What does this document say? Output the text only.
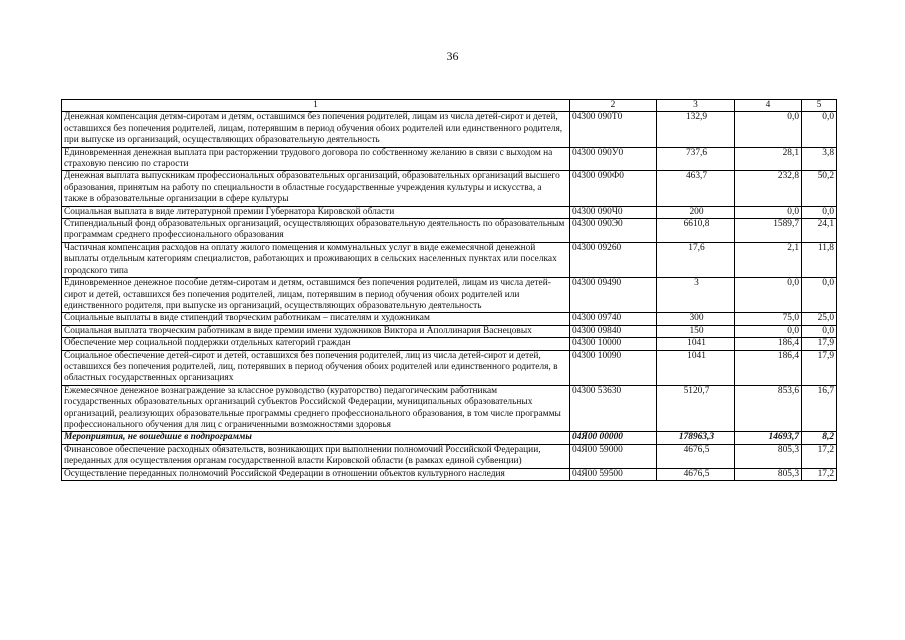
36
1	2	3	4	5
Денежная компенсация детям-сиротам и детям, оставшимся без попечения родителей, лицам из числа детей-сирот и детей, оставшихся без попечения родителей, лицам, потерявшим в период обучения обоих родителей или единственного родителя, при выпуске из организаций, осуществляющих образовательную деятельность	04300 090Т0	132,9	0,0	0,0
Единовременная денежная выплата при расторжении трудового договора по собственному желанию в связи с выходом на страховую пенсию по старости	04300 090У0	737,6	28,1	3,8
Денежная выплата выпускникам профессиональных образовательных организаций, образовательных организаций высшего образования, принятым на работу по специальности в областные государственные учреждения культуры и искусства, а также в образовательные организации в сфере культуры	04300 090Ф0	463,7	232,8	50,2
Социальная выплата в виде литературной премии Губернатора Кировской области	04300 090Ч0	200	0,0	0,0
Стипендиальный фонд образовательных организаций, осуществляющих образовательную деятельность по образовательным программам среднего профессионального образования	04300 090Э0	6610,8	1589,7	24,1
Частичная компенсация расходов на оплату жилого помещения и коммунальных услуг в виде ежемесячной денежной выплаты отдельным категориям специалистов, работающих и проживающих в сельских населенных пунктах или поселках городского типа	04300 09260	17,6	2,1	11,8
Единовременное денежное пособие детям-сиротам и детям, оставшимся без попечения родителей, лицам из числа детей-сирот и детей, оставшихся без попечения родителей, лицам, потерявшим в период обучения обоих родителей или единственного родителя, при выпуске из организаций, осуществляющих образовательную деятельность	04300 09490	3	0,0	0,0
Социальные выплаты в виде стипендий творческим работникам – писателям и художникам	04300 09740	300	75,0	25,0
Социальная выплата творческим работникам в виде премии имени художников Виктора и Аполлинария Васнецовых	04300 09840	150	0,0	0,0
Обеспечение мер социальной поддержки отдельных категорий граждан	04300 10000	1041	186,4	17,9
Социальное обеспечение детей-сирот и детей, оставшихся без попечения родителей, лиц из числа детей-сирот и детей, оставшихся без попечения родителей, лиц, потерявших в период обучения обоих родителей или единственного родителя, в областных государственных организациях	04300 10090	1041	186,4	17,9
Ежемесячное денежное вознаграждение за классное руководство (кураторство) педагогическим работникам государственных образовательных организаций субъектов Российской Федерации, муниципальных образовательных организаций, реализующих образовательные программы среднего профессионального образования, в том числе программы профессионального обучения для лиц с ограниченными возможностями здоровья	04300 53630	5120,7	853,6	16,7
Мероприятия, не вошедшие в подпрограммы	04Я00 00000	178963,3	14693,7	8,2
Финансовое обеспечение расходных обязательств, возникающих при выполнении полномочий Российской Федерации, переданных для осуществления органам государственной власти Кировской области (в рамках единой субвенции)	04Я00 59000	4676,5	805,3	17,2
Осуществление переданных полномочий Российской Федерации в отношении объектов культурного наследия	04Я00 59500	4676,5	805,3	17,2
